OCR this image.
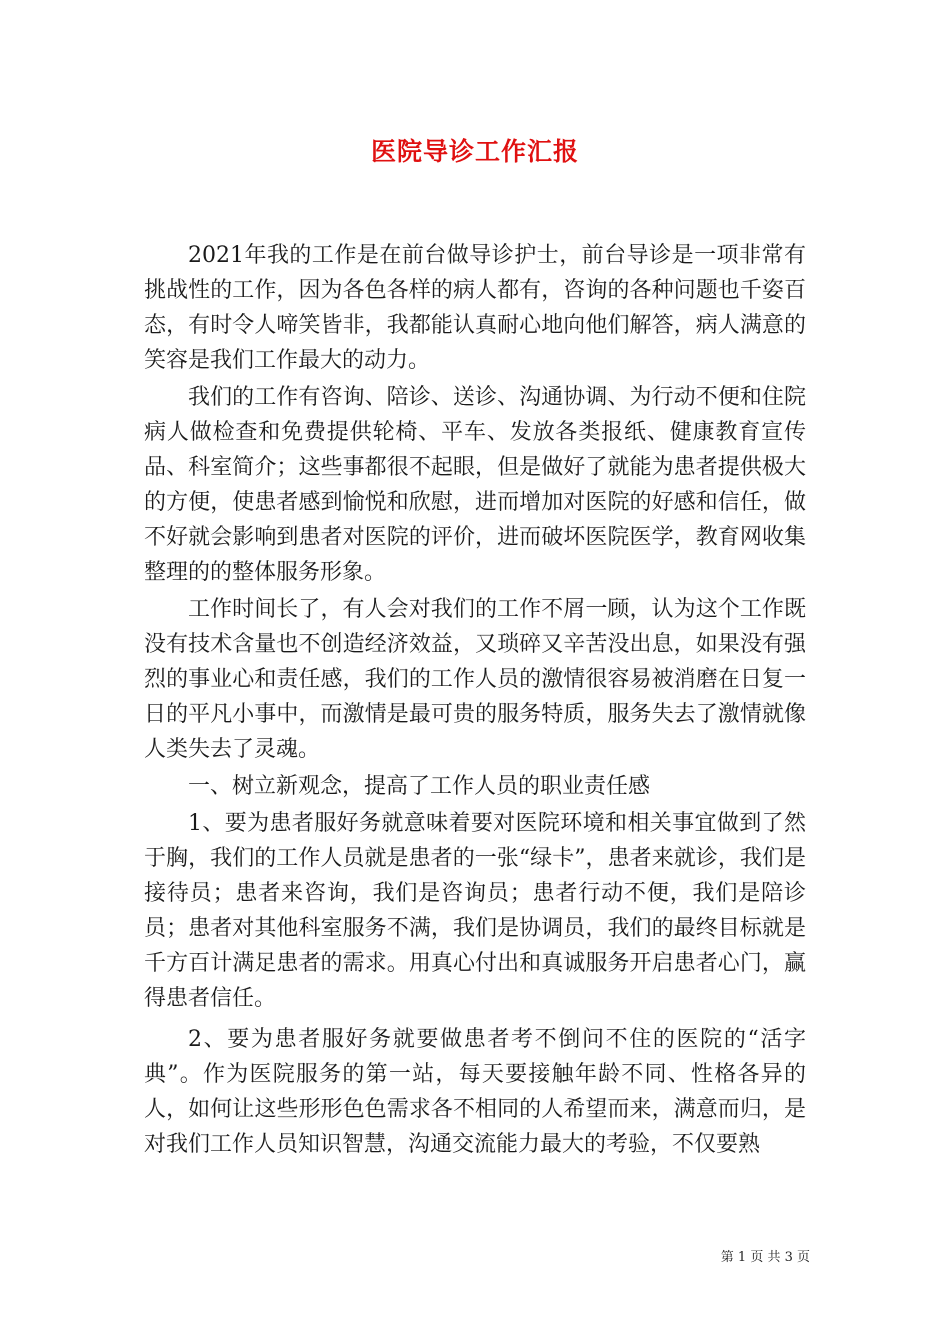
医院导诊工作汇报

2021年我的工作是在前台做导诊护士，前台导诊是一项非常有挑战性的工作，因为各色各样的病人都有，咨询的各种问题也千姿百态，有时令人啼笑皆非，我都能认真耐心地向他们解答，病人满意的笑容是我们工作最大的动力。

我们的工作有咨询、陪诊、送诊、沟通协调、为行动不便和住院病人做检查和免费提供轮椅、平车、发放各类报纸、健康教育宣传品、科室简介；这些事都很不起眼，但是做好了就能为患者提供极大的方便，使患者感到愉悦和欣慰，进而增加对医院的好感和信任，做不好就会影响到患者对医院的评价，进而破坏医院医学，教育网收集整理的的整体服务形象。

工作时间长了，有人会对我们的工作不屑一顾，认为这个工作既没有技术含量也不创造经济效益，又琐碎又辛苦没出息，如果没有强烈的事业心和责任感，我们的工作人员的激情很容易被消磨在日复一日的平凡小事中，而激情是最可贵的服务特质，服务失去了激情就像人类失去了灵魂。

一、树立新观念，提高了工作人员的职业责任感

1、要为患者服好务就意味着要对医院环境和相关事宜做到了然于胸，我们的工作人员就是患者的一张“绿卡”，患者来就诊，我们是接待员；患者来咨询，我们是咨询员；患者行动不便，我们是陪诊员；患者对其他科室服务不满，我们是协调员，我们的最终目标就是千方百计满足患者的需求。用真心付出和真诚服务开启患者心门，赢得患者信任。

2、要为患者服好务就要做患者考不倒问不住的医院的“活字典”。作为医院服务的第一站，每天要接触年龄不同、性格各异的人，如何让这些形形色色需求各不相同的人希望而来，满意而归，是对我们工作人员知识智慧，沟通交流能力最大的考验，不仅要熟

第 1 页 共 3 页
